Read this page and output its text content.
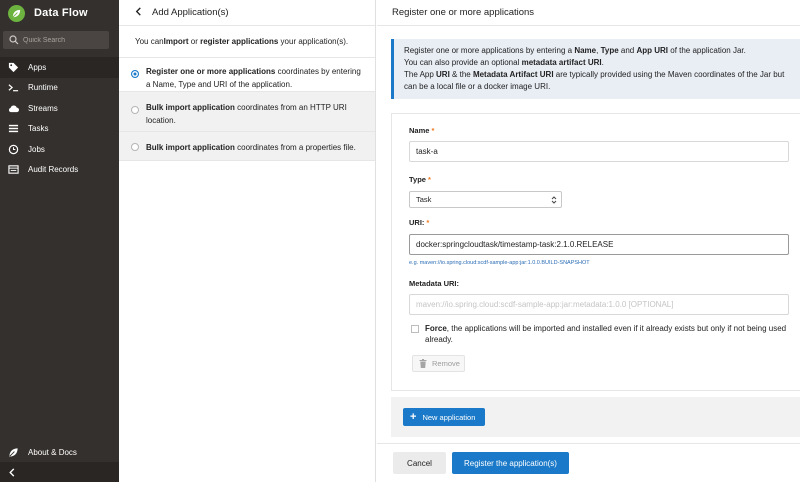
Data Flow
Quick Search
Apps
Runtime
Streams
Tasks
Jobs
Audit Records
About & Docs
Add Application(s)
You can Import or register applications your application(s).
Register one or more applications coordinates by entering a Name, Type and URI of the application.
Bulk import application coordinates from an HTTP URI location.
Bulk import application coordinates from a properties file.
Register one or more applications
Register one or more applications by entering a Name, Type and App URI of the application Jar.
You can also provide an optional metadata artifact URI.
The App URI & the Metadata Artifact URI are typically provided using the Maven coordinates of the Jar but can be a local file or a docker image URI.
Name *
task-a
Type *
Task
URI: *
docker:springcloudtask/timestamp-task:2.1.0.RELEASE
e.g. maven://io.spring.cloud:scdf-sample-app:jar:1.0.0.BUILD-SNAPSHOT
Metadata URI:
maven://io.spring.cloud:scdf-sample-app:jar:metadata:1.0.0 [OPTIONAL]
Force, the applications will be imported and installed even if it already exists but only if not being used already.
Remove
+ New application
Cancel	Register the application(s)
